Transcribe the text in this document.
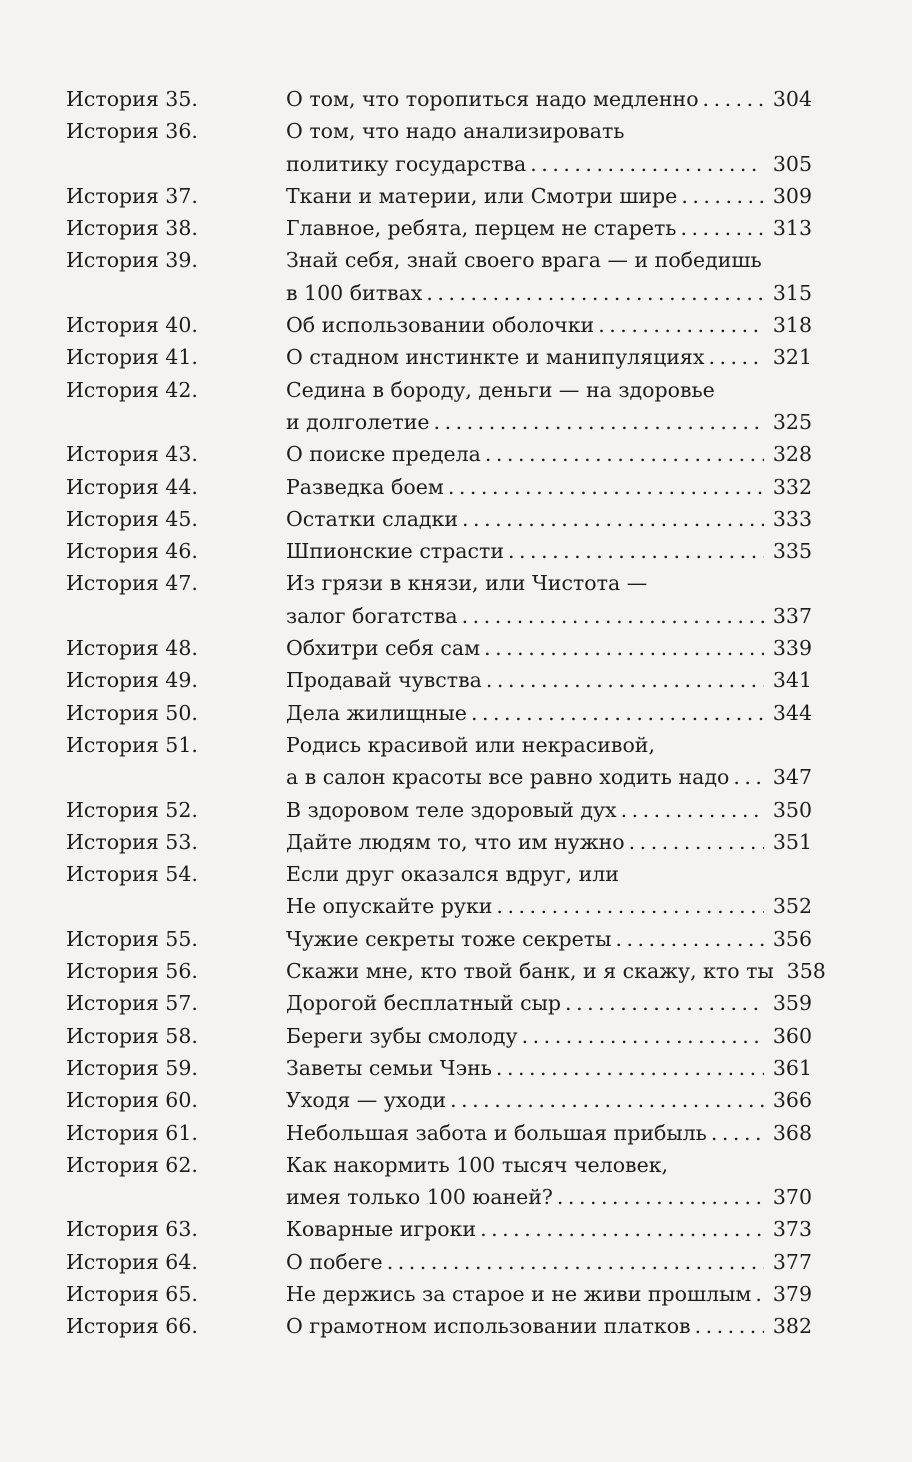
История 35.	О том, что торопиться надо медленно . . .	304
История 36.	О том, что надо анализировать
политику государства . . .	305
История 37.	Ткани и материи, или Смотри шире . . .	309
История 38.	Главное, ребята, перцем не стареть . . .	313
История 39.	Знай себя, знай своего врага — и победишь
в 100 битвах . . .	315
История 40.	Об использовании оболочки . . .	318
История 41.	О стадном инстинкте и манипуляциях . . .	321
История 42.	Седина в бороду, деньги — на здоровье
и долголетие . . .	325
История 43.	О поиске предела . . .	328
История 44.	Разведка боем . . .	332
История 45.	Остатки сладки . . .	333
История 46.	Шпионские страсти . . .	335
История 47.	Из грязи в князи, или Чистота —
залог богатства . . .	337
История 48.	Обхитри себя сам . . .	339
История 49.	Продавай чувства . . .	341
История 50.	Дела жилищные . . .	344
История 51.	Родись красивой или некрасивой,
а в салон красоты все равно ходить надо . . . 347
История 52.	В здоровом теле здоровый дух . . .	350
История 53.	Дайте людям то, что им нужно . . .	351
История 54.	Если друг оказался вдруг, или
Не опускайте руки . . .	352
История 55.	Чужие секреты тоже секреты . . .	356
История 56.	Скажи мне, кто твой банк, и я скажу, кто ты 358
История 57.	Дорогой бесплатный сыр . . .	359
История 58.	Береги зубы смолоду . . .	360
История 59.	Заветы семьи Чэнь . . .	361
История 60.	Уходя — уходи . . .	366
История 61.	Небольшая забота и большая прибыль . . .	368
История 62.	Как накормить 100 тысяч человек,
имея только 100 юаней? . . .	370
История 63.	Коварные игроки . . .	373
История 64.	О побеге . . .	377
История 65.	Не держись за старое и не живи прошлым . . . 379
История 66.	О грамотном использовании платков . . .	382
